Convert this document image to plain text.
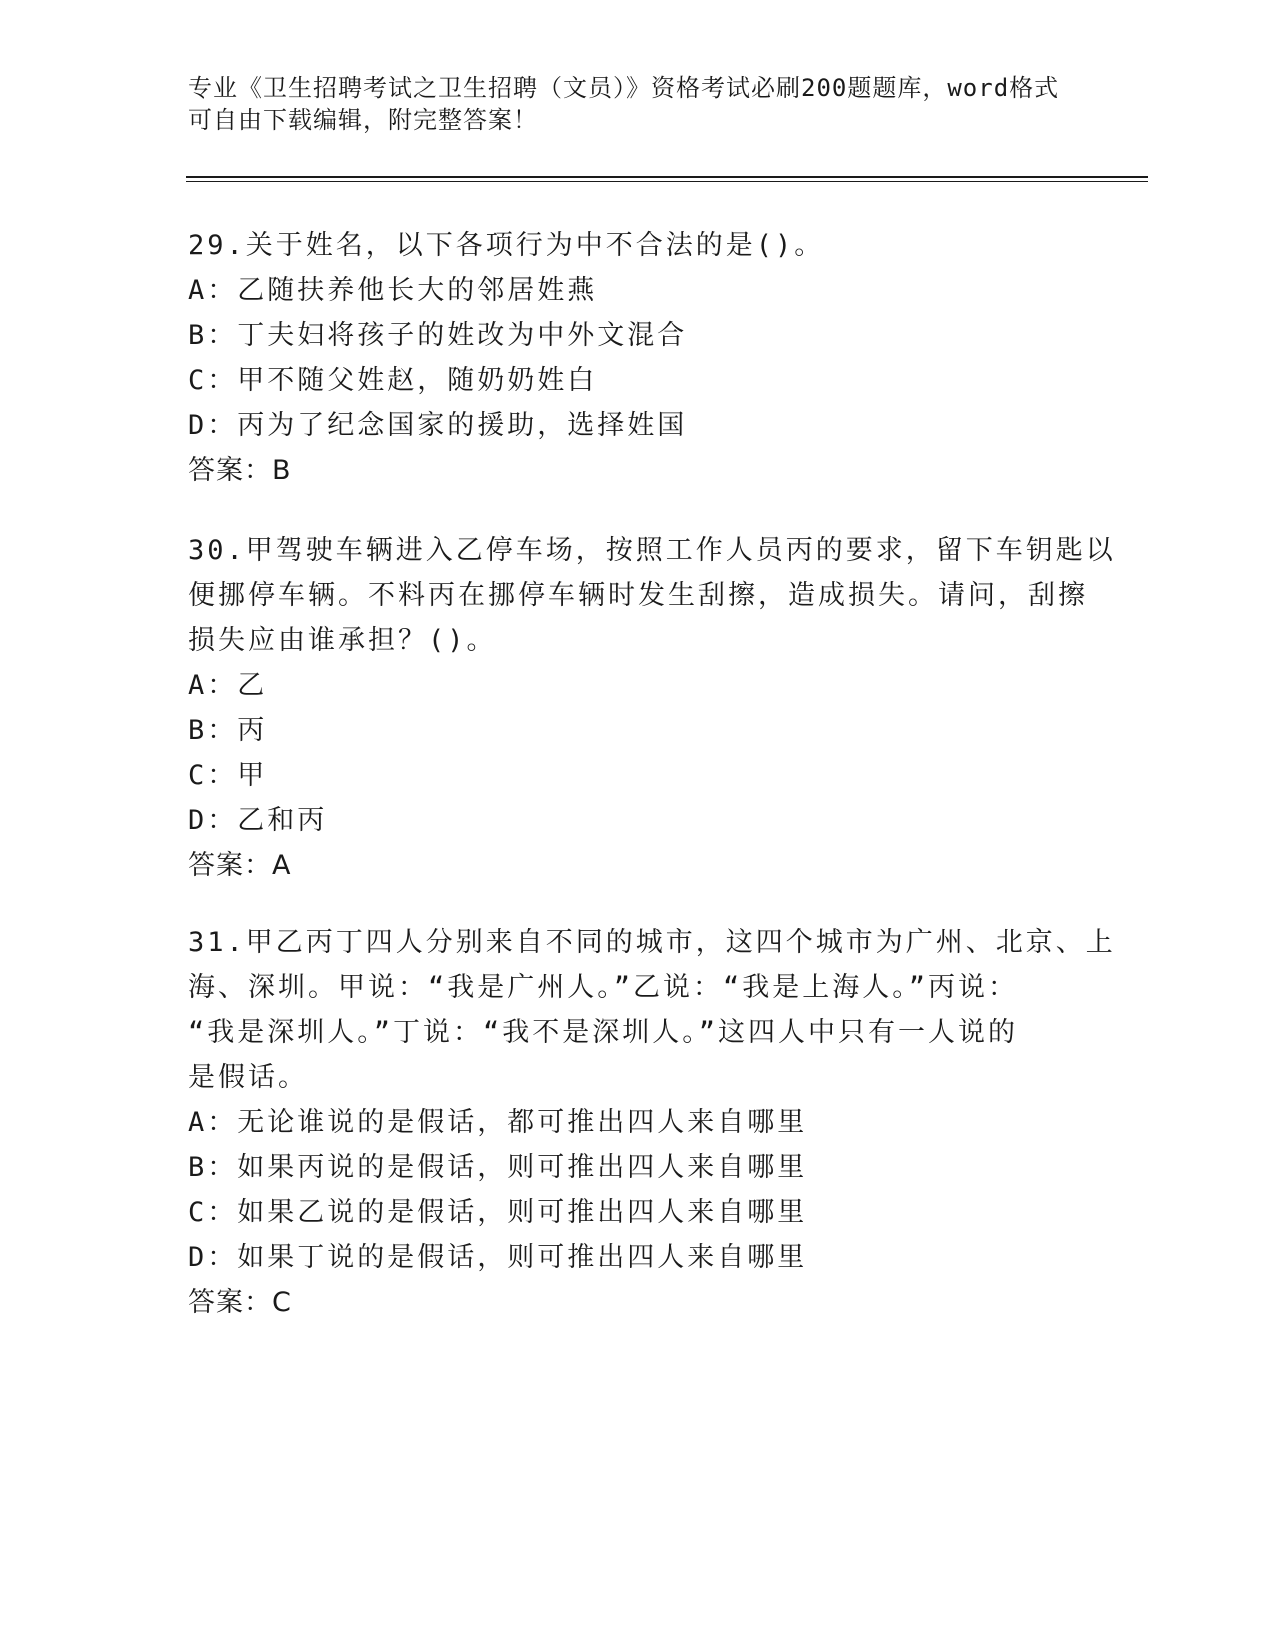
专业《卫生招聘考试之卫生招聘（文员）》资格考试必刷200题题库，word格式
可自由下载编辑，附完整答案！
29.关于姓名，以下各项行为中不合法的是()。
A：乙随扶养他长大的邻居姓燕
B：丁夫妇将孩子的姓改为中外文混合
C：甲不随父姓赵，随奶奶姓白
D：丙为了纪念国家的援助，选择姓国
答案：B
30.甲驾驶车辆进入乙停车场，按照工作人员丙的要求，留下车钥匙以
便挪停车辆。不料丙在挪停车辆时发生刮擦，造成损失。请问，刮擦
损失应由谁承担？()。
A：乙
B：丙
C：甲
D：乙和丙
答案：A
31.甲乙丙丁四人分别来自不同的城市，这四个城市为广州、北京、上
海、深圳。甲说：“我是广州人。”乙说：“我是上海人。”丙说：
“我是深圳人。”丁说：“我不是深圳人。”这四人中只有一人说的
是假话。
A：无论谁说的是假话，都可推出四人来自哪里
B：如果丙说的是假话，则可推出四人来自哪里
C：如果乙说的是假话，则可推出四人来自哪里
D：如果丁说的是假话，则可推出四人来自哪里
答案：C
